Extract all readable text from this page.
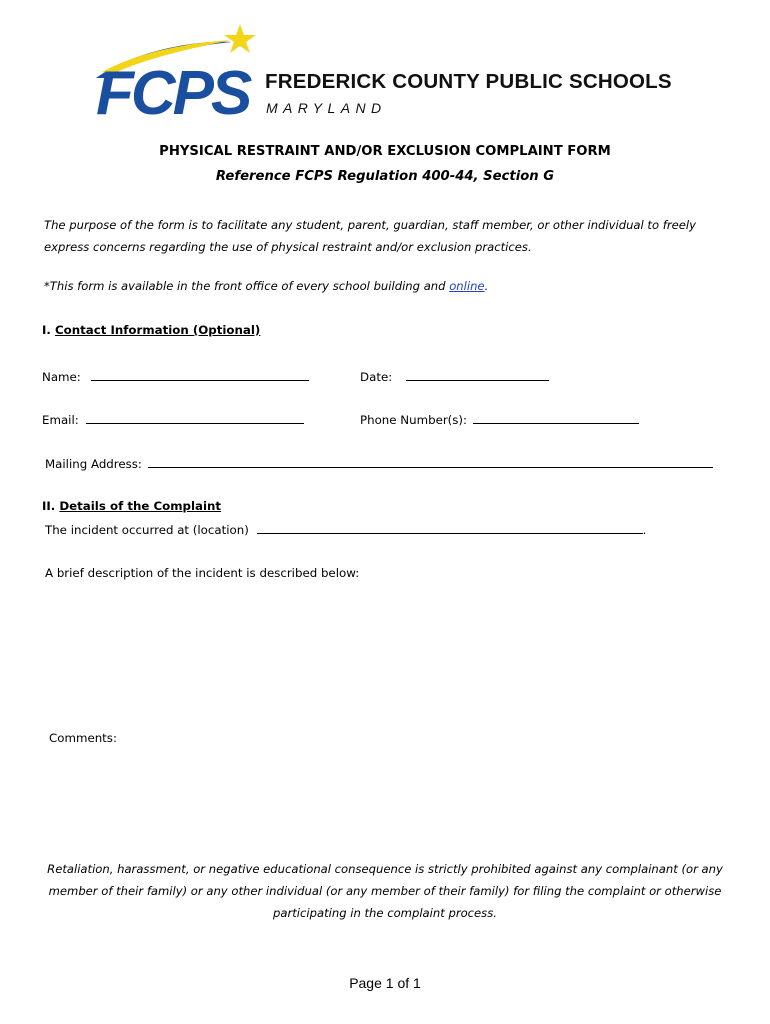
FCPS FREDERICK COUNTY PUBLIC SCHOOLS
MARYLAND
PHYSICAL RESTRAINT AND/OR EXCLUSION COMPLAINT FORM
Reference FCPS Regulation 400-44, Section G
The purpose of the form is to facilitate any student, parent, guardian, staff member, or other individual to freely express concerns regarding the use of physical restraint and/or exclusion practices.
*This form is available in the front office of every school building and online.
I. Contact Information (Optional)
Name:	Date:
Email:	Phone Number(s):
Mailing Address:
II. Details of the Complaint
The incident occurred at (location)	.
A brief description of the incident is described below:
Comments:
Retaliation, harassment, or negative educational consequence is strictly prohibited against any complainant (or any member of their family) or any other individual (or any member of their family) for filing the complaint or otherwise participating in the complaint process.
Page 1 of 1
